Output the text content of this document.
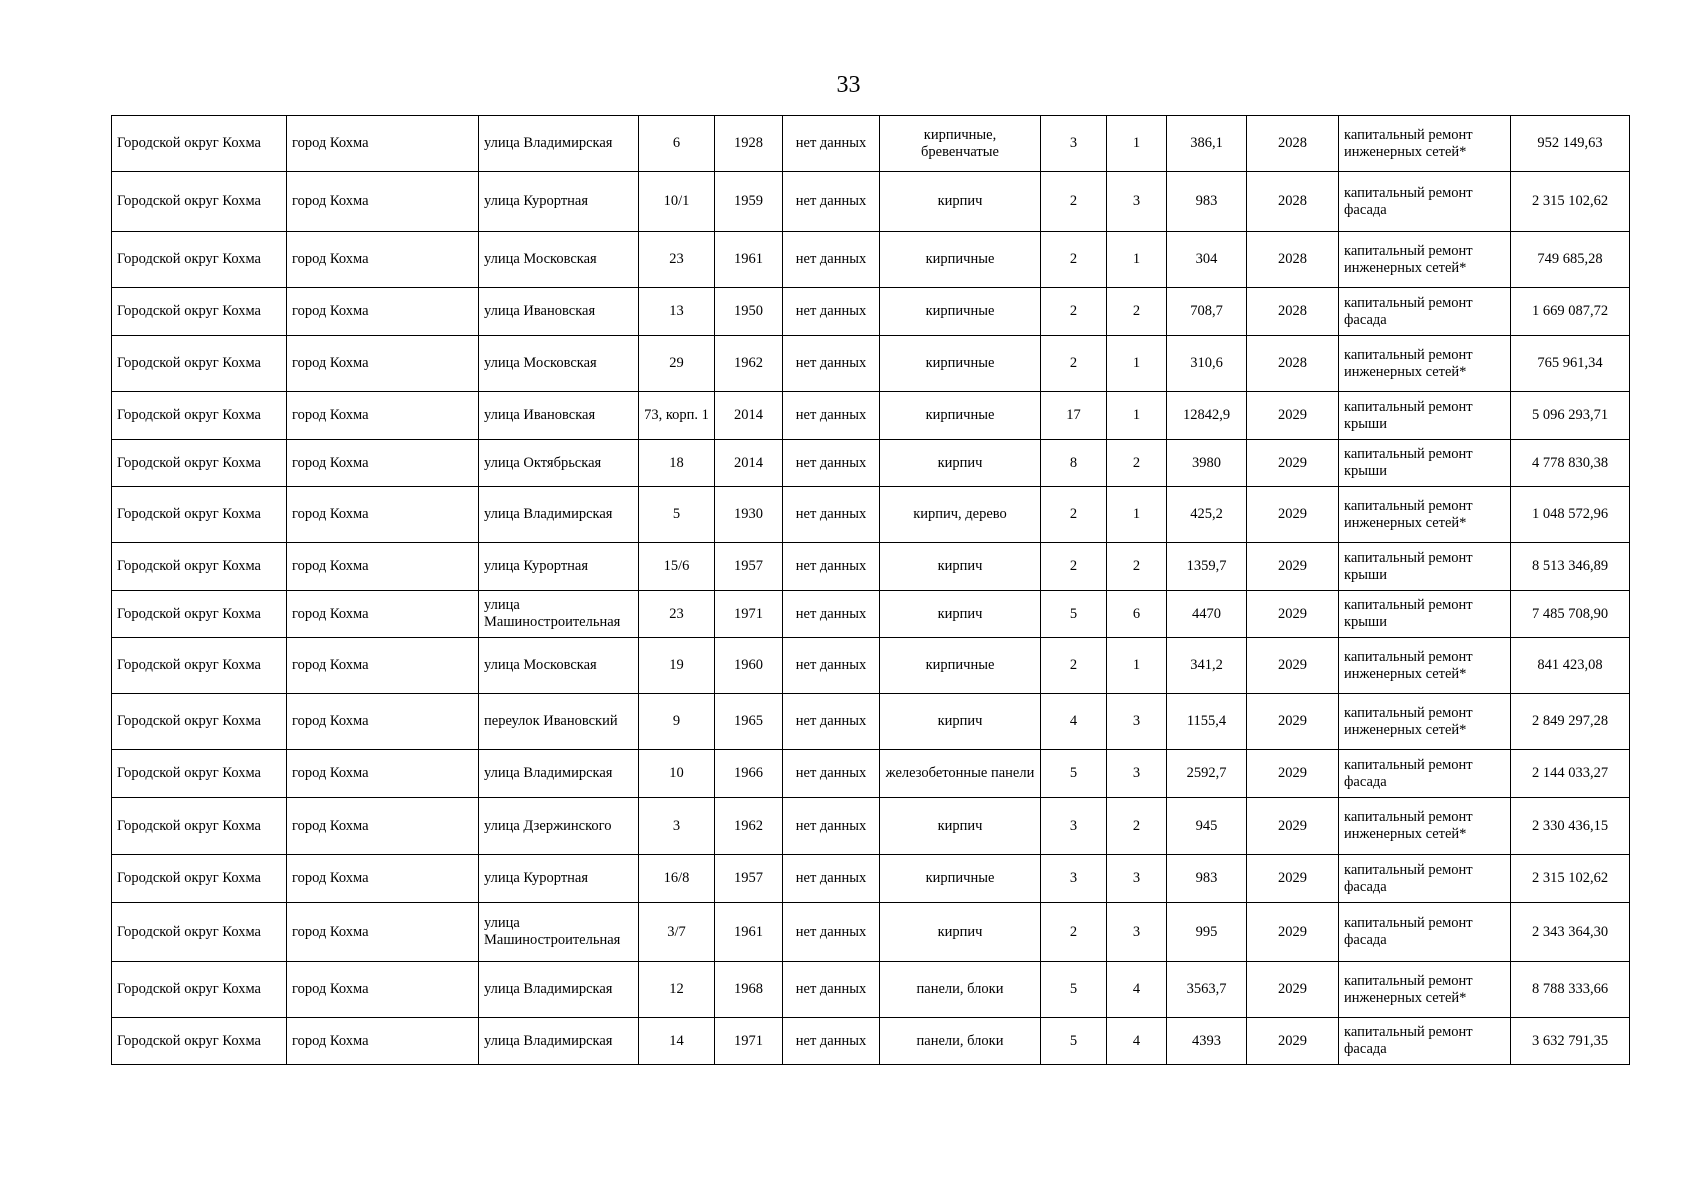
33
Городской округ Кохма	город Кохма	улица Владимирская	6	1928	нет данных	кирпичные, бревенчатые	3	1	386,1	2028	капитальный ремонт инженерных сетей*	952 149,63
Городской округ Кохма	город Кохма	улица Курортная	10/1	1959	нет данных	кирпич	2	3	983	2028	капитальный ремонт фасада	2 315 102,62
Городской округ Кохма	город Кохма	улица Московская	23	1961	нет данных	кирпичные	2	1	304	2028	капитальный ремонт инженерных сетей*	749 685,28
Городской округ Кохма	город Кохма	улица Ивановская	13	1950	нет данных	кирпичные	2	2	708,7	2028	капитальный ремонт фасада	1 669 087,72
Городской округ Кохма	город Кохма	улица Московская	29	1962	нет данных	кирпичные	2	1	310,6	2028	капитальный ремонт инженерных сетей*	765 961,34
Городской округ Кохма	город Кохма	улица Ивановская	73, корп. 1	2014	нет данных	кирпичные	17	1	12842,9	2029	капитальный ремонт крыши	5 096 293,71
Городской округ Кохма	город Кохма	улица Октябрьская	18	2014	нет данных	кирпич	8	2	3980	2029	капитальный ремонт крыши	4 778 830,38
Городской округ Кохма	город Кохма	улица Владимирская	5	1930	нет данных	кирпич, дерево	2	1	425,2	2029	капитальный ремонт инженерных сетей*	1 048 572,96
Городской округ Кохма	город Кохма	улица Курортная	15/6	1957	нет данных	кирпич	2	2	1359,7	2029	капитальный ремонт крыши	8 513 346,89
Городской округ Кохма	город Кохма	улица Машиностроительная	23	1971	нет данных	кирпич	5	6	4470	2029	капитальный ремонт крыши	7 485 708,90
Городской округ Кохма	город Кохма	улица Московская	19	1960	нет данных	кирпичные	2	1	341,2	2029	капитальный ремонт инженерных сетей*	841 423,08
Городской округ Кохма	город Кохма	переулок Ивановский	9	1965	нет данных	кирпич	4	3	1155,4	2029	капитальный ремонт инженерных сетей*	2 849 297,28
Городской округ Кохма	город Кохма	улица Владимирская	10	1966	нет данных	железобетонные панели	5	3	2592,7	2029	капитальный ремонт фасада	2 144 033,27
Городской округ Кохма	город Кохма	улица Дзержинского	3	1962	нет данных	кирпич	3	2	945	2029	капитальный ремонт инженерных сетей*	2 330 436,15
Городской округ Кохма	город Кохма	улица Курортная	16/8	1957	нет данных	кирпичные	3	3	983	2029	капитальный ремонт фасада	2 315 102,62
Городской округ Кохма	город Кохма	улица Машиностроительная	3/7	1961	нет данных	кирпич	2	3	995	2029	капитальный ремонт фасада	2 343 364,30
Городской округ Кохма	город Кохма	улица Владимирская	12	1968	нет данных	панели, блоки	5	4	3563,7	2029	капитальный ремонт инженерных сетей*	8 788 333,66
Городской округ Кохма	город Кохма	улица Владимирская	14	1971	нет данных	панели, блоки	5	4	4393	2029	капитальный ремонт фасада	3 632 791,35
